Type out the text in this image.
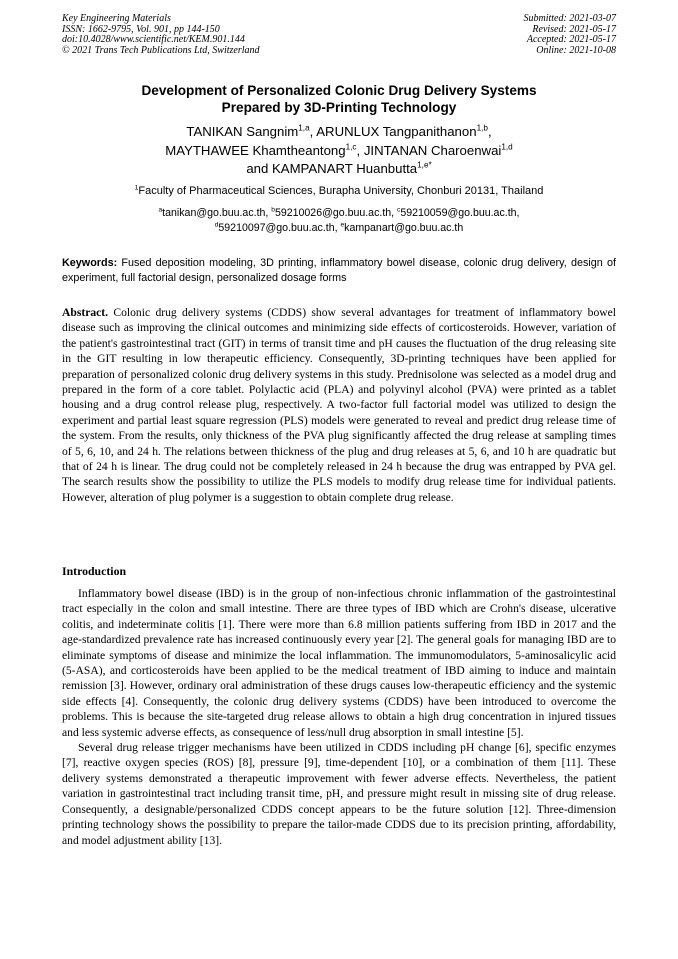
Key Engineering Materials
ISSN: 1662-9795, Vol. 901, pp 144-150
doi:10.4028/www.scientific.net/KEM.901.144
© 2021 Trans Tech Publications Ltd, Switzerland
Submitted: 2021-03-07
Revised: 2021-05-17
Accepted: 2021-05-17
Online: 2021-10-08
Development of Personalized Colonic Drug Delivery Systems
Prepared by 3D-Printing Technology
TANIKAN Sangnim$^{1,a}$, ARUNLUX Tangpanithanon$^{1,b}$,
MAYTHAWEE Khamtheantong$^{1,c}$, JINTANAN Charoenwai$^{1,d}$
and KAMPANART Huanbutta$^{1,e*}$
$^1$Faculty of Pharmaceutical Sciences, Burapha University, Chonburi 20131, Thailand
$^a$tanikan@go.buu.ac.th, $^b$59210026@go.buu.ac.th, $^c$59210059@go.buu.ac.th,
$^d$59210097@go.buu.ac.th, $^e$kampanart@go.buu.ac.th
Keywords: Fused deposition modeling, 3D printing, inflammatory bowel disease, colonic drug delivery, design of experiment, full factorial design, personalized dosage forms
Abstract. Colonic drug delivery systems (CDDS) show several advantages for treatment of inflammatory bowel disease such as improving the clinical outcomes and minimizing side effects of corticosteroids. However, variation of the patient's gastrointestinal tract (GIT) in terms of transit time and pH causes the fluctuation of the drug releasing site in the GIT resulting in low therapeutic efficiency. Consequently, 3D-printing techniques have been applied for preparation of personalized colonic drug delivery systems in this study. Prednisolone was selected as a model drug and prepared in the form of a core tablet. Polylactic acid (PLA) and polyvinyl alcohol (PVA) were printed as a tablet housing and a drug control release plug, respectively. A two-factor full factorial model was utilized to design the experiment and partial least square regression (PLS) models were generated to reveal and predict drug release time of the system. From the results, only thickness of the PVA plug significantly affected the drug release at sampling times of 5, 6, 10, and 24 h. The relations between thickness of the plug and drug releases at 5, 6, and 10 h are quadratic but that of 24 h is linear. The drug could not be completely released in 24 h because the drug was entrapped by PVA gel. The search results show the possibility to utilize the PLS models to modify drug release time for individual patients. However, alteration of plug polymer is a suggestion to obtain complete drug release.
Introduction

Inflammatory bowel disease (IBD) is in the group of non-infectious chronic inflammation of the gastrointestinal tract especially in the colon and small intestine. There are three types of IBD which are Crohn's disease, ulcerative colitis, and indeterminate colitis [1]. There were more than 6.8 million patients suffering from IBD in 2017 and the age-standardized prevalence rate has increased continuously every year [2]. The general goals for managing IBD are to eliminate symptoms of disease and minimize the local inflammation. The immunomodulators, 5-aminosalicylic acid (5-ASA), and corticosteroids have been applied to be the medical treatment of IBD aiming to induce and maintain remission [3]. However, ordinary oral administration of these drugs causes low-therapeutic efficiency and the systemic side effects [4]. Consequently, the colonic drug delivery systems (CDDS) have been introduced to overcome the problems. This is because the site-targeted drug release allows to obtain a high drug concentration in injured tissues and less systemic adverse effects, as consequence of less/null drug absorption in small intestine [5].

Several drug release trigger mechanisms have been utilized in CDDS including pH change [6], specific enzymes [7], reactive oxygen species (ROS) [8], pressure [9], time-dependent [10], or a combination of them [11]. These delivery systems demonstrated a therapeutic improvement with fewer adverse effects. Nevertheless, the patient variation in gastrointestinal tract including transit time, pH, and pressure might result in missing site of drug release. Consequently, a designable/personalized CDDS concept appears to be the future solution [12]. Three-dimension printing technology shows the possibility to prepare the tailor-made CDDS due to its precision printing, affordability, and model adjustment ability [13].
